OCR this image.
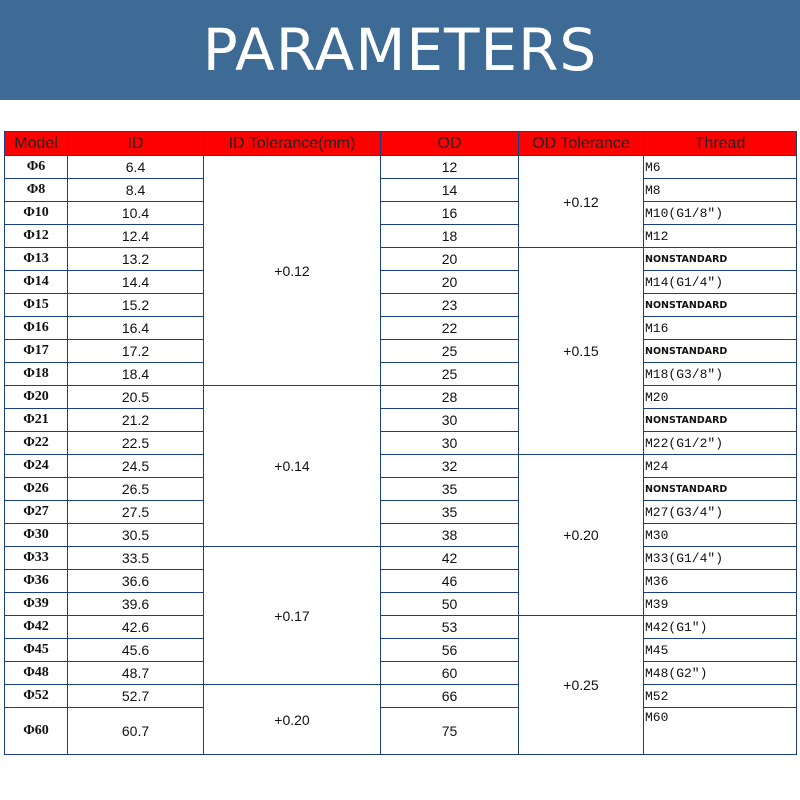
PARAMETERS
Model	ID	ID Tolerance(mm)	OD	OD Tolerance	Thread
Φ6	6.4	+0.12	12	+0.12	M6
Φ8	8.4		14		M8
Φ10	10.4		16		M10(G1/8")
Φ12	12.4		18		M12
Φ13	13.2		20	+0.15	NONSTANDARD
Φ14	14.4		20		M14(G1/4")
Φ15	15.2		23		NONSTANDARD
Φ16	16.4		22		M16
Φ17	17.2		25		NONSTANDARD
Φ18	18.4		25		M18(G3/8")
Φ20	20.5	+0.14	28		M20
Φ21	21.2		30		NONSTANDARD
Φ22	22.5		30		M22(G1/2")
Φ24	24.5		32	+0.20	M24
Φ26	26.5		35		NONSTANDARD
Φ27	27.5		35		M27(G3/4")
Φ30	30.5		38		M30
Φ33	33.5	+0.17	42		M33(G1/4")
Φ36	36.6		46		M36
Φ39	39.6		50		M39
Φ42	42.6		53	+0.25	M42(G1")
Φ45	45.6		56		M45
Φ48	48.7		60		M48(G2")
Φ52	52.7	+0.20	66		M52
Φ60	60.7		75		M60
